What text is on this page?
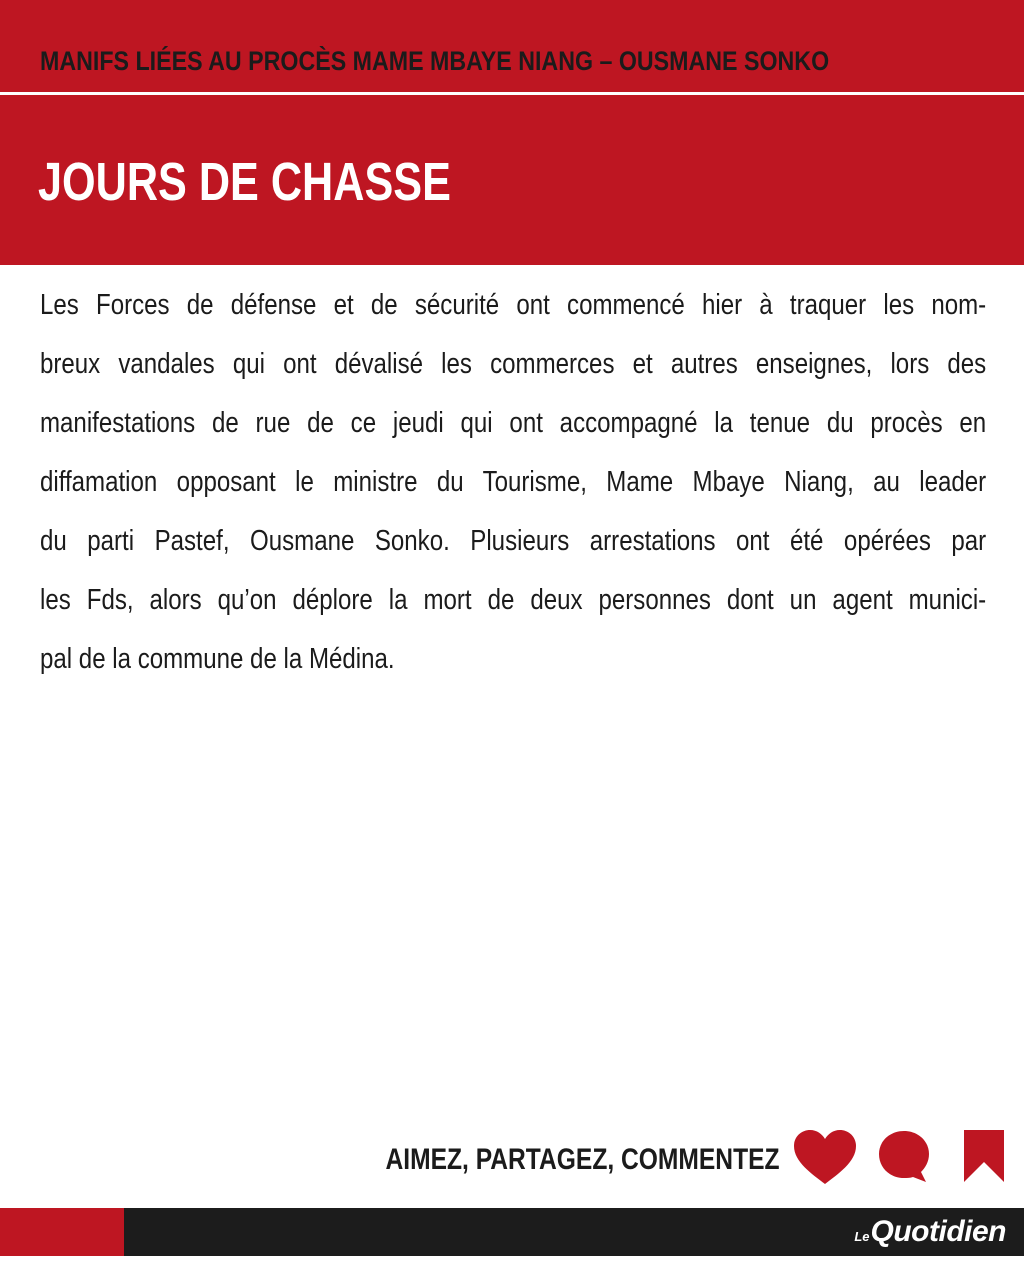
MANIFS LIÉES AU PROCÈS MAME MBAYE NIANG – OUSMANE SONKO
JOURS DE CHASSE
Les Forces de défense et de sécurité ont commencé hier à traquer les nom-
breux vandales qui ont dévalisé les commerces et autres enseignes, lors des
manifestations de rue de ce jeudi qui ont accompagné la tenue du procès en
diffamation opposant le ministre du Tourisme, Mame Mbaye Niang, au leader
du parti Pastef, Ousmane Sonko. Plusieurs arrestations ont été opérées par
les Fds, alors qu’on déplore la mort de deux personnes dont un agent munici-
pal de la commune de la Médina.
AIMEZ, PARTAGEZ, COMMENTEZ
Le Quotidien
